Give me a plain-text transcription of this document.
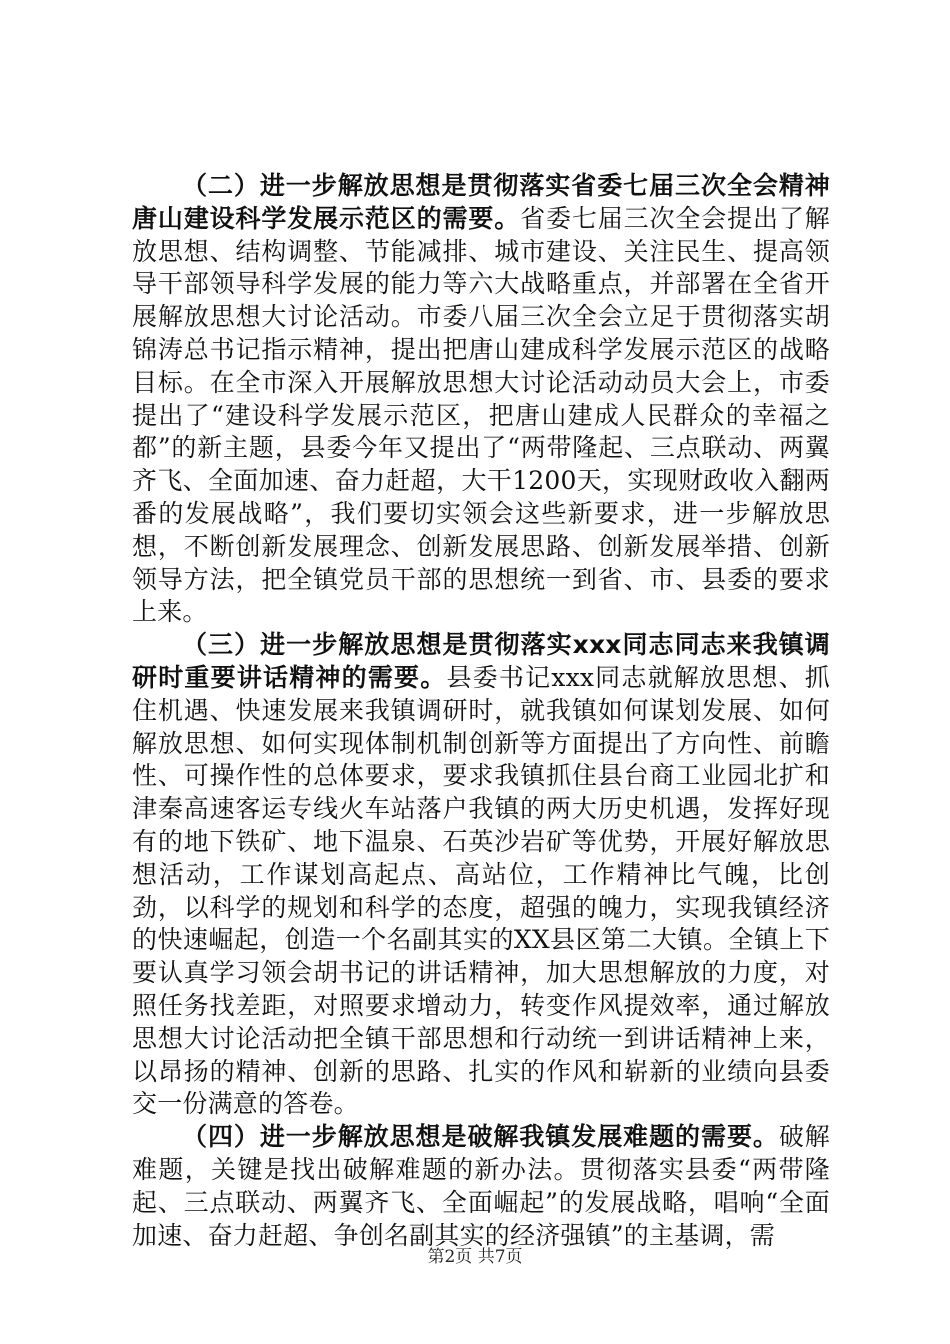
（二）进一步解放思想是贯彻落实省委七届三次全会精神唐山建设科学发展示范区的需要。省委七届三次全会提出了解放思想、结构调整、节能减排、城市建设、关注民生、提高领导干部领导科学发展的能力等六大战略重点，并部署在全省开展解放思想大讨论活动。市委八届三次全会立足于贯彻落实胡锦涛总书记指示精神，提出把唐山建成科学发展示范区的战略目标。在全市深入开展解放思想大讨论活动动员大会上，市委提出了“建设科学发展示范区，把唐山建成人民群众的幸福之都”的新主题，县委今年又提出了“两带隆起、三点联动、两翼齐飞、全面加速、奋力赶超，大干1200天，实现财政收入翻两番的发展战略”，我们要切实领会这些新要求，进一步解放思想，不断创新发展理念、创新发展思路、创新发展举措、创新领导方法，把全镇党员干部的思想统一到省、市、县委的要求上来。

（三）进一步解放思想是贯彻落实xxx同志同志来我镇调研时重要讲话精神的需要。县委书记xxx同志就解放思想、抓住机遇、快速发展来我镇调研时，就我镇如何谋划发展、如何解放思想、如何实现体制机制创新等方面提出了方向性、前瞻性、可操作性的总体要求，要求我镇抓住县台商工业园北扩和津秦高速客运专线火车站落户我镇的两大历史机遇，发挥好现有的地下铁矿、地下温泉、石英沙岩矿等优势，开展好解放思想活动，工作谋划高起点、高站位，工作精神比气魄，比创劲，以科学的规划和科学的态度，超强的魄力，实现我镇经济的快速崛起，创造一个名副其实的XX县区第二大镇。全镇上下要认真学习领会胡书记的讲话精神，加大思想解放的力度，对照任务找差距，对照要求增动力，转变作风提效率，通过解放思想大讨论活动把全镇干部思想和行动统一到讲话精神上来，以昂扬的精神、创新的思路、扎实的作风和崭新的业绩向县委交一份满意的答卷。

（四）进一步解放思想是破解我镇发展难题的需要。破解难题，关键是找出破解难题的新办法。贯彻落实县委“两带隆起、三点联动、两翼齐飞、全面崛起”的发展战略，唱响“全面加速、奋力赶超、争创名副其实的经济强镇”的主基调，需

第2页 共7页
